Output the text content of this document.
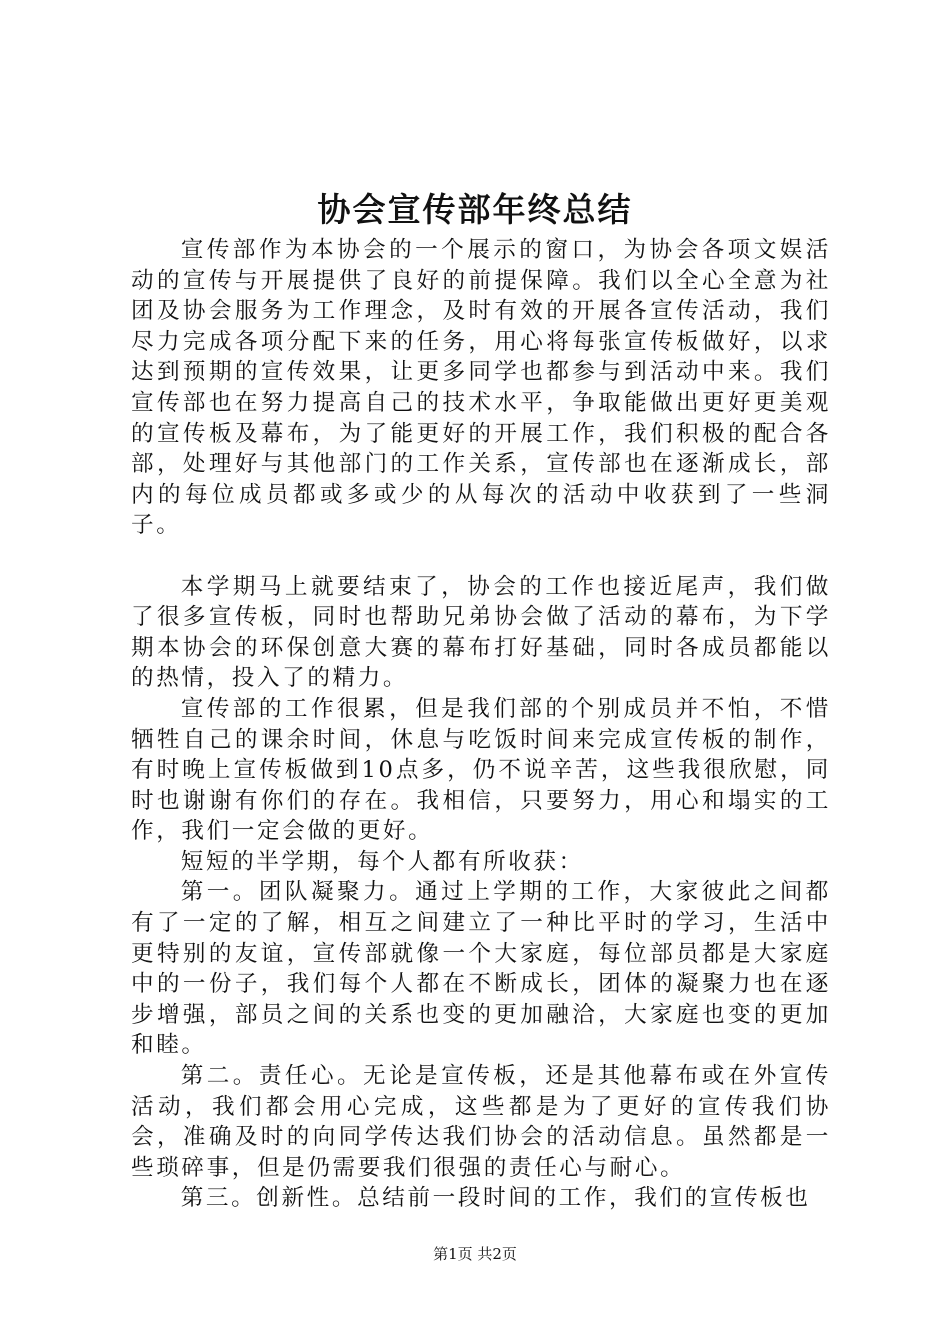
协会宣传部年终总结

宣传部作为本协会的一个展示的窗口，为协会各项文娱活动的宣传与开展提供了良好的前提保障。我们以全心全意为社团及协会服务为工作理念，及时有效的开展各宣传活动，我们尽力完成各项分配下来的任务，用心将每张宣传板做好，以求达到预期的宣传效果，让更多同学也都参与到活动中来。我们宣传部也在努力提高自己的技术水平，争取能做出更好更美观的宣传板及幕布，为了能更好的开展工作，我们积极的配合各部，处理好与其他部门的工作关系，宣传部也在逐渐成长，部内的每位成员都或多或少的从每次的活动中收获到了一些洞子。

本学期马上就要结束了，协会的工作也接近尾声，我们做了很多宣传板，同时也帮助兄弟协会做了活动的幕布，为下学期本协会的环保创意大赛的幕布打好基础，同时各成员都能以的热情，投入了的精力。

宣传部的工作很累，但是我们部的个别成员并不怕，不惜牺牲自己的课余时间，休息与吃饭时间来完成宣传板的制作，有时晚上宣传板做到10点多，仍不说辛苦，这些我很欣慰，同时也谢谢有你们的存在。我相信，只要努力，用心和塌实的工作，我们一定会做的更好。

短短的半学期，每个人都有所收获：

第一。团队凝聚力。通过上学期的工作，大家彼此之间都有了一定的了解，相互之间建立了一种比平时的学习，生活中更特别的友谊，宣传部就像一个大家庭，每位部员都是大家庭中的一份子，我们每个人都在不断成长，团体的凝聚力也在逐步增强，部员之间的关系也变的更加融洽，大家庭也变的更加和睦。

第二。责任心。无论是宣传板，还是其他幕布或在外宣传活动，我们都会用心完成，这些都是为了更好的宣传我们协会，准确及时的向同学传达我们协会的活动信息。虽然都是一些琐碎事，但是仍需要我们很强的责任心与耐心。

第三。创新性。总结前一段时间的工作，我们的宣传板也

第1页 共2页
